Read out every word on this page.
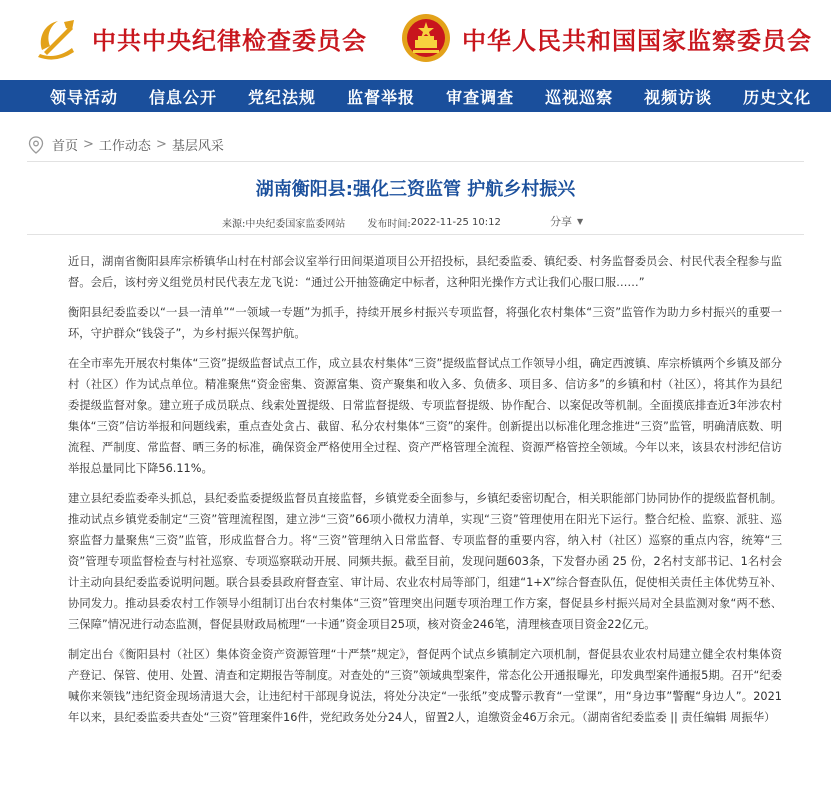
中共中央纪律检查委员会	中华人民共和国国家监察委员会
领导活动 信息公开 党纪法规 监督举报 审查调查 巡视巡察 视频访谈 历史文化
首页 > 工作动态 > 基层风采
湖南衡阳县:强化三资监管 护航乡村振兴
来源: 中央纪委国家监委网站 发布时间: 2022-11-25 10:12	分享 ▼

近日，湖南省衡阳县库宗桥镇华山村在村部会议室举行田间渠道项目公开招投标，县纪委监委、镇纪委、村务监督委员会、村民代表全程参与监督。会后，该村旁义组党员村民代表左龙飞说：“通过公开抽签确定中标者，这种阳光操作方式让我们心服口服……”

衡阳县纪委监委以“一县一清单”“一领域一专题”为抓手，持续开展乡村振兴专项监督，将强化农村集体“三资”监管作为助力乡村振兴的重要一环，守护群众“钱袋子”，为乡村振兴保驾护航。

在全市率先开展农村集体“三资”提级监督试点工作，成立县农村集体“三资”提级监督试点工作领导小组，确定西渡镇、库宗桥镇两个乡镇及部分村（社区）作为试点单位。精准聚焦“资金密集、资源富集、资产聚集和收入多、负债多、项目多、信访多”的乡镇和村（社区），将其作为县纪委提级监督对象。建立班子成员联点、线索处置提级、日常监督提级、专项监督提级、协作配合、以案促改等机制。全面摸底排查近3年涉农村集体“三资”信访举报和问题线索，重点查处贪占、截留、私分农村集体“三资”的案件。创新提出以标准化理念推进“三资”监管，明确清底数、明流程、严制度、常监督、晒三务的标准，确保资金严格使用全过程、资产严格管理全流程、资源严格管控全领域。今年以来，该县农村涉纪信访举报总量同比下降56.11%。

建立县纪委监委牵头抓总，县纪委监委提级监督员直接监督，乡镇党委全面参与，乡镇纪委密切配合，相关职能部门协同协作的提级监督机制。推动试点乡镇党委制定“三资”管理流程图，建立涉“三资”66项小微权力清单，实现“三资”管理使用在阳光下运行。整合纪检、监察、派驻、巡察监督力量聚焦“三资”监管，形成监督合力。将“三资”管理纳入日常监督、专项监督的重要内容，纳入村（社区）巡察的重点内容，统筹“三资”管理专项监督检查与村社巡察、专项巡察联动开展、同频共振。截至目前，发现问题603条，下发督办函 25 份，2名村支部书记、1名村会计主动向县纪委监委说明问题。联合县委县政府督查室、审计局、农业农村局等部门，组建“1+X”综合督查队伍，促使相关责任主体优势互补、协同发力。推动县委农村工作领导小组制订出台农村集体“三资”管理突出问题专项治理工作方案，督促县乡村振兴局对全县监测对象“两不愁、三保障”情况进行动态监测，督促县财政局梳理“一卡通”资金项目25项，核对资金246笔，清理核查项目资金22亿元。

制定出台《衡阳县村（社区）集体资金资产资源管理“十严禁”规定》，督促两个试点乡镇制定六项机制，督促县农业农村局建立健全农村集体资产登记、保管、使用、处置、清查和定期报告等制度。对查处的“三资”领域典型案件，常态化公开通报曝光，印发典型案件通报5期。召开“纪委喊你来领钱”违纪资金现场清退大会，让违纪村干部现身说法，将处分决定“一张纸”变成警示教育“一堂课”，用“身边事”警醒“身边人”。2021年以来，县纪委监委共查处“三资”管理案件16件，党纪政务处分24人，留置2人，追缴资金46万余元。（湖南省纪委监委 || 责任编辑 周振华）
